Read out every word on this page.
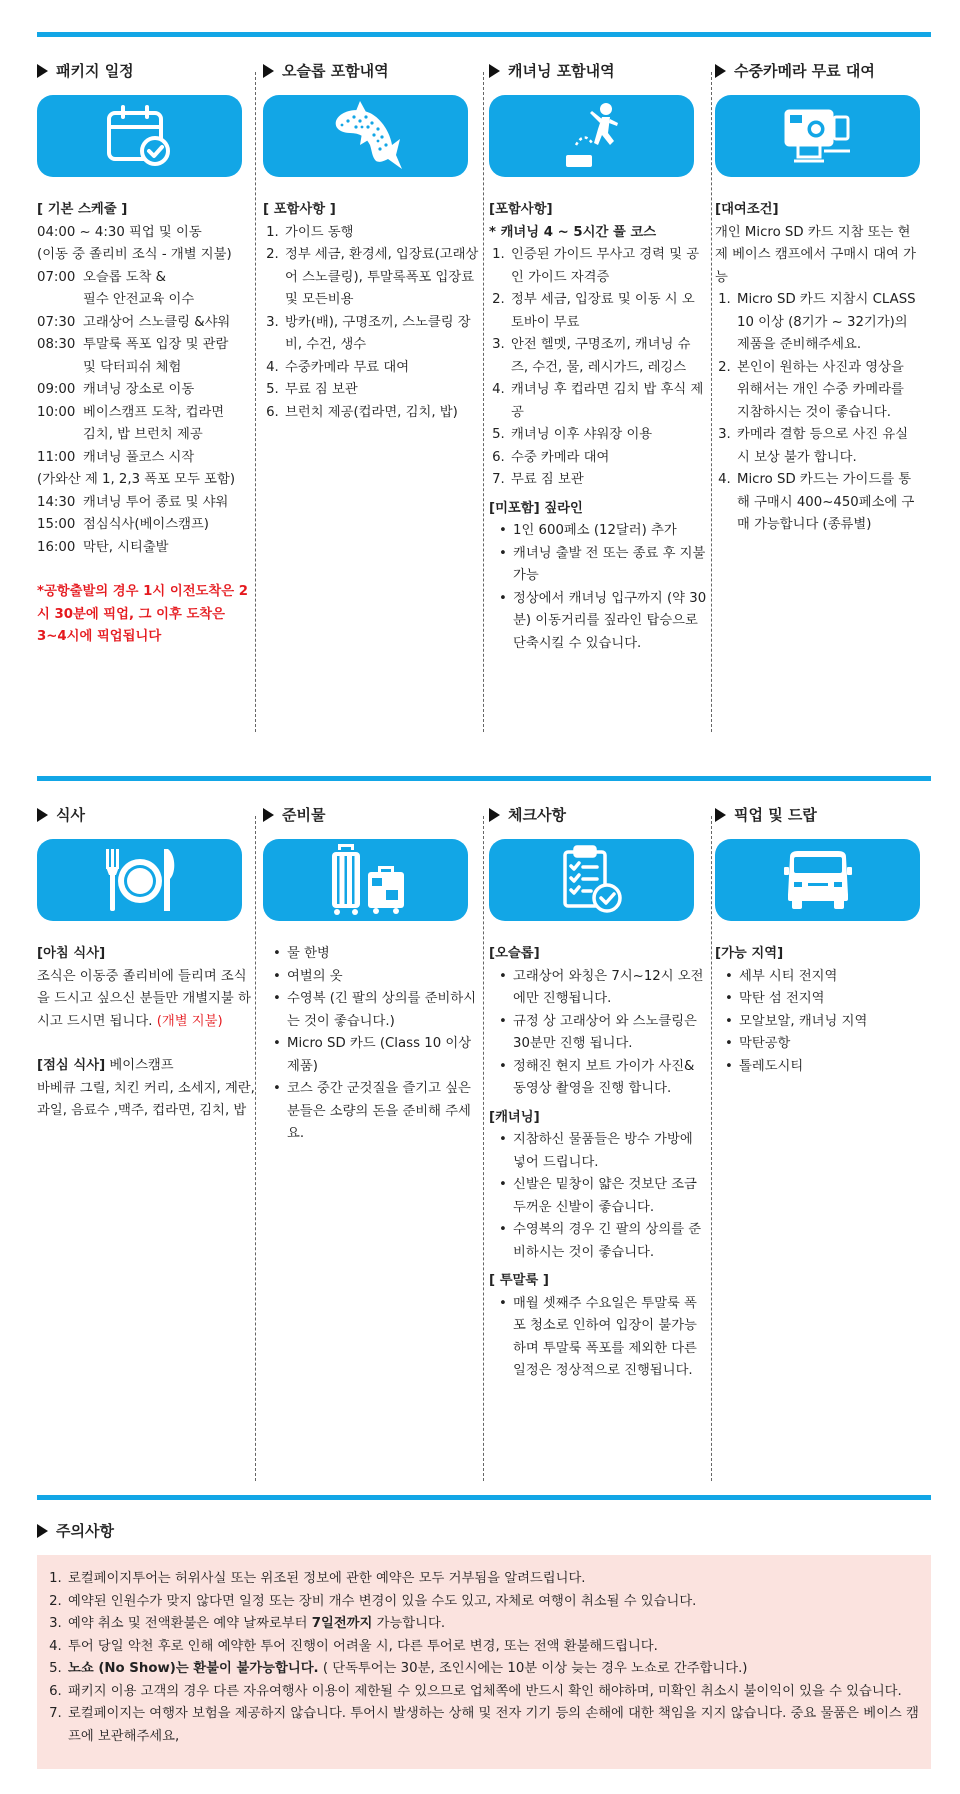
패키지 일정
[ 기본 스케줄 ]
04:00 ~ 4:30 픽업 및 이동
(이동 중 졸리비 조식 - 개별 지불)
07:00 오슬롭 도착 &
필수 안전교육 이수
07:30 고래상어 스노클링 &샤워
08:30 투말룩 폭포 입장 및 관람
및 닥터피쉬 체험
09:00 캐녀닝 장소로 이동
10:00 베이스캠프 도착, 컵라면
김치, 밥 브런치 제공
11:00 캐녀닝 풀코스 시작
(가와산 제 1, 2,3 폭포 모두 포함)
14:30 캐녀닝 투어 종료 및 샤워
15:00 점심식사(베이스캠프)
16:00 막탄, 시티출발
*공항출발의 경우 1시 이전도착은 2시 30분에 픽업, 그 이후 도착은 3~4시에 픽업됩니다
오슬롭 포함내역
[ 포함사항 ]
1. 가이드 동행
2. 정부 세금, 환경세, 입장료(고래상어 스노클링), 투말록폭포 입장료 및 모든비용
3. 방카(배), 구명조끼, 스노클링 장비, 수건, 생수
4. 수중카메라 무료 대여
5. 무료 짐 보관
6. 브런치 제공(컵라면, 김치, 밥)
캐녀닝 포함내역
[포함사항]
* 캐녀닝 4 ~ 5시간 풀 코스
1. 인증된 가이드 무사고 경력 및 공인 가이드 자격증
2. 정부 세금, 입장료 및 이동 시 오토바이 무료
3. 안전 헬멧, 구명조끼, 캐녀닝 슈즈, 수건, 물, 레시가드, 레깅스
4. 캐녀닝 후 컵라면 김치 밥 후식 제공
5. 캐녀닝 이후 샤워장 이용
6. 수중 카메라 대여
7. 무료 짐 보관
[미포함] 짚라인
• 1인 600페소 (12달러) 추가
• 캐녀닝 출발 전 또는 종료 후 지불가능
• 정상에서 캐녀닝 입구까지 (약 30분) 이동거리를 짚라인 탑승으로 단축시킬 수 있습니다.
수중카메라 무료 대여
[대여조건]
개인 Micro SD 카드 지참 또는 현제 베이스 캠프에서 구매시 대여 가능
1. Micro SD 카드 지참시 CLASS 10 이상 (8기가 ~ 32기가)의 제품을 준비해주세요.
2. 본인이 원하는 사진과 영상을 위해서는 개인 수중 카메라를 지참하시는 것이 좋습니다.
3. 카메라 결함 등으로 사진 유실 시 보상 불가 합니다.
4. Micro SD 카드는 가이드를 통해 구매시 400~450페소에 구매 가능합니다 (종류별)
식사
[아침 식사]
조식은 이동중 졸리비에 들리며 조식을 드시고 싶으신 분들만 개별지불 하시고 드시면 됩니다. (개별 지불)
[점심 식사] 베이스캠프
바베큐 그릴, 치킨 커리, 소세지, 계란, 과일, 음료수 ,맥주, 컵라면, 김치, 밥
준비물
• 물 한병
• 여벌의 옷
• 수영복 (긴 팔의 상의를 준비하시는 것이 좋습니다.)
• Micro SD 카드 (Class 10 이상 제품)
• 코스 중간 군것질을 즐기고 싶은 분들은 소량의 돈을 준비해 주세요.
체크사항
[오슬롭]
• 고래상어 와칭은 7시~12시 오전에만 진행됩니다.
• 규정 상 고래상어 와 스노클링은 30분만 진행 됩니다.
• 정해진 현지 보트 가이가 사진& 동영상 촬영을 진행 합니다.
[캐녀닝]
• 지참하신 물품들은 방수 가방에 넣어 드립니다.
• 신발은 밑창이 얇은 것보단 조금 두꺼운 신발이 좋습니다.
• 수영복의 경우 긴 팔의 상의를 준비하시는 것이 좋습니다.
[ 투말룩 ]
• 매월 셋째주 수요일은 투말룩 폭포 청소로 인하여 입장이 불가능하며 투말룩 폭포를 제외한 다른 일정은 정상적으로 진행됩니다.
픽업 및 드랍
[가능 지역]
• 세부 시티 전지역
• 막탄 섬 전지역
• 모알보알, 캐녀닝 지역
• 막탄공항
• 톨레도시티
주의사항
1. 로컬페이지투어는 허위사실 또는 위조된 정보에 관한 예약은 모두 거부됨을 알려드립니다.
2. 예약된 인원수가 맞지 않다면 일정 또는 장비 개수 변경이 있을 수도 있고, 자체로 여행이 취소될 수 있습니다.
3. 예약 취소 및 전액환불은 예약 날짜로부터 7일전까지 가능합니다.
4. 투어 당일 악천 후로 인해 예약한 투어 진행이 어려울 시, 다른 투어로 변경, 또는 전액 환불해드립니다.
5. 노쇼 (No Show)는 환불이 불가능합니다. ( 단독투어는 30분, 조인시에는 10분 이상 늦는 경우 노쇼로 간주합니다.)
6. 패키지 이용 고객의 경우 다른 자유여행사 이용이 제한될 수 있으므로 업체쪽에 반드시 확인 해야하며, 미확인 취소시 불이익이 있을 수 있습니다.
7. 로컬페이지는 여행자 보험을 제공하지 않습니다. 투어시 발생하는 상해 및 전자 기기 등의 손해에 대한 책임을 지지 않습니다. 중요 물품은 베이스 캠프에 보관해주세요,
